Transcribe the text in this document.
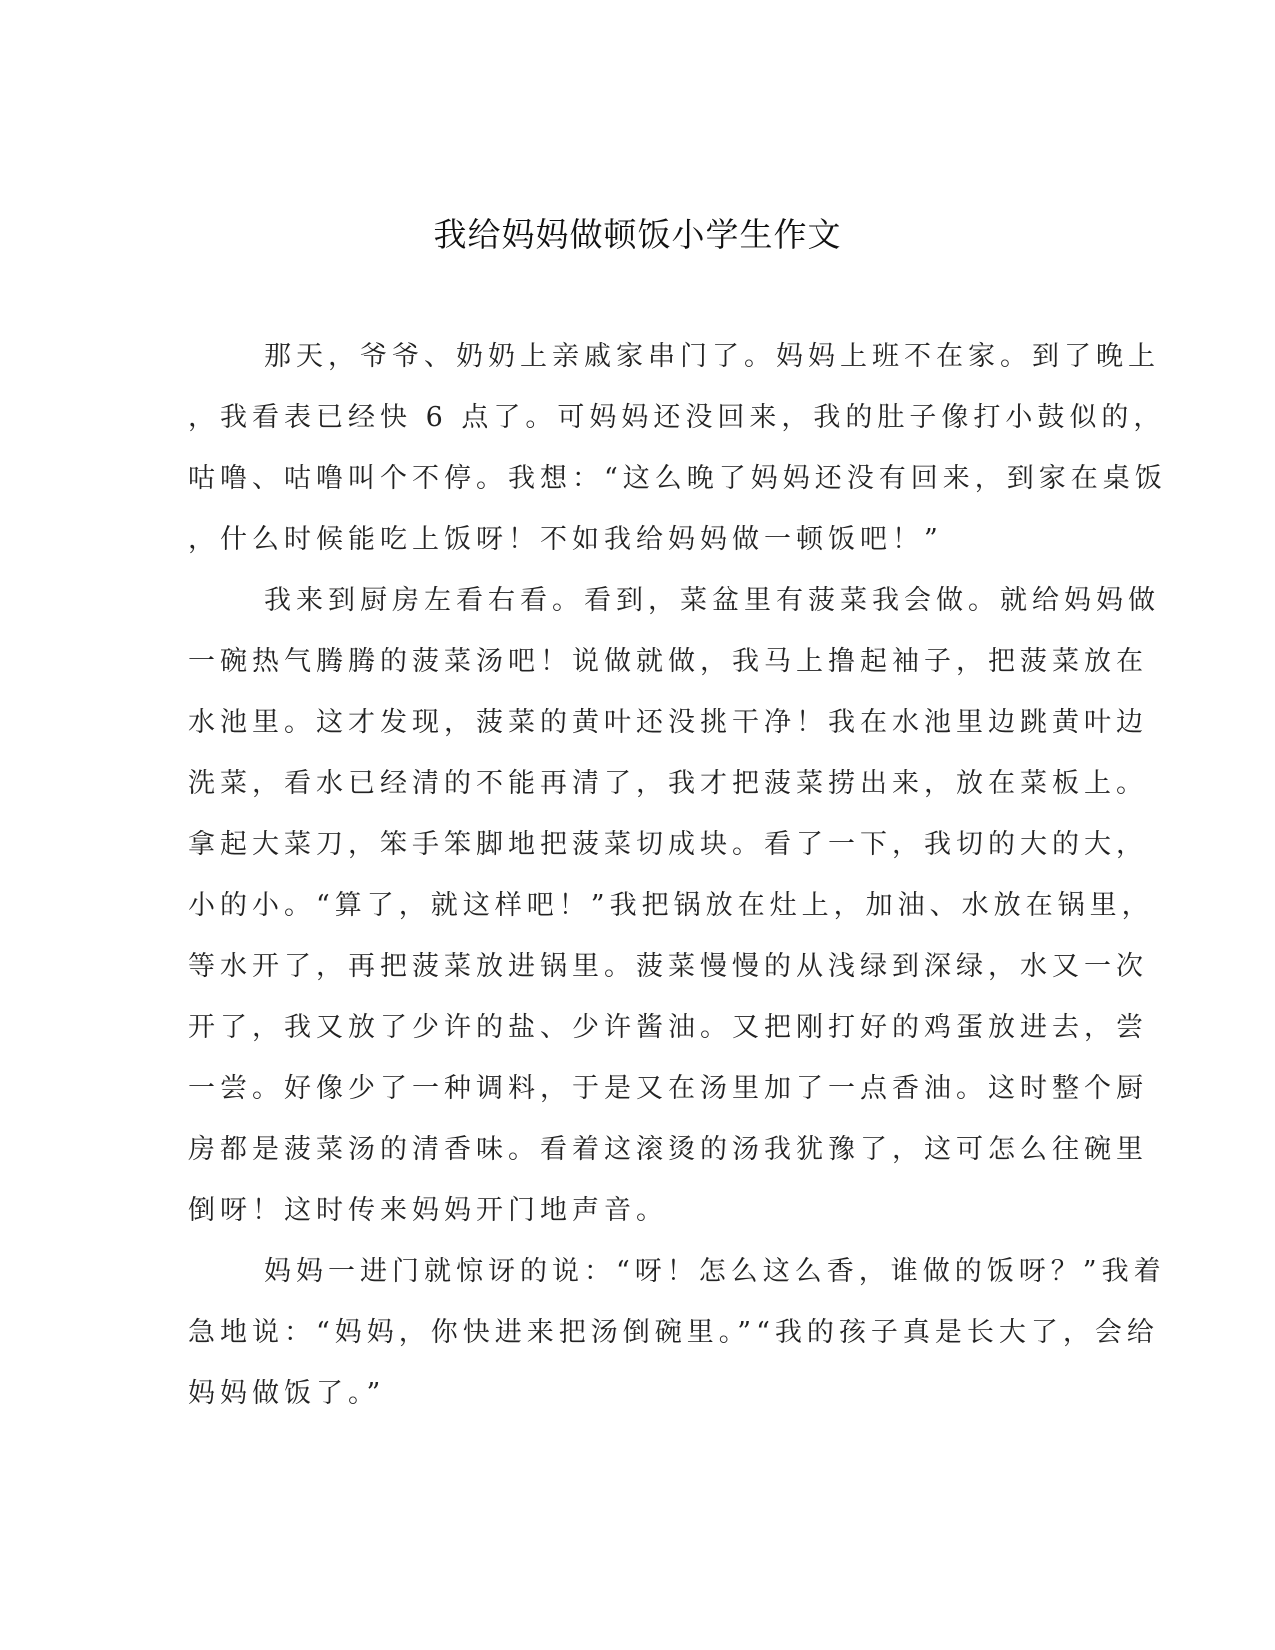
我给妈妈做顿饭小学生作文
那天，爷爷、奶奶上亲戚家串门了。妈妈上班不在家。到了晚上
，我看表已经快 6 点了。可妈妈还没回来，我的肚子像打小鼓似的，
咕噜、咕噜叫个不停。我想：“这么晚了妈妈还没有回来，到家在桌饭
，什么时候能吃上饭呀！不如我给妈妈做一顿饭吧！”
我来到厨房左看右看。看到，菜盆里有菠菜我会做。就给妈妈做
一碗热气腾腾的菠菜汤吧！说做就做，我马上撸起袖子，把菠菜放在
水池里。这才发现，菠菜的黄叶还没挑干净！我在水池里边跳黄叶边
洗菜，看水已经清的不能再清了，我才把菠菜捞出来，放在菜板上。
拿起大菜刀，笨手笨脚地把菠菜切成块。看了一下，我切的大的大，
小的小。“算了，就这样吧！”我把锅放在灶上，加油、水放在锅里，
等水开了，再把菠菜放进锅里。菠菜慢慢的从浅绿到深绿，水又一次
开了，我又放了少许的盐、少许酱油。又把刚打好的鸡蛋放进去，尝
一尝。好像少了一种调料，于是又在汤里加了一点香油。这时整个厨
房都是菠菜汤的清香味。看着这滚烫的汤我犹豫了，这可怎么往碗里
倒呀！这时传来妈妈开门地声音。
妈妈一进门就惊讶的说：“呀！怎么这么香，谁做的饭呀？”我着
急地说：“妈妈，你快进来把汤倒碗里。”“我的孩子真是长大了，会给
妈妈做饭了。”
